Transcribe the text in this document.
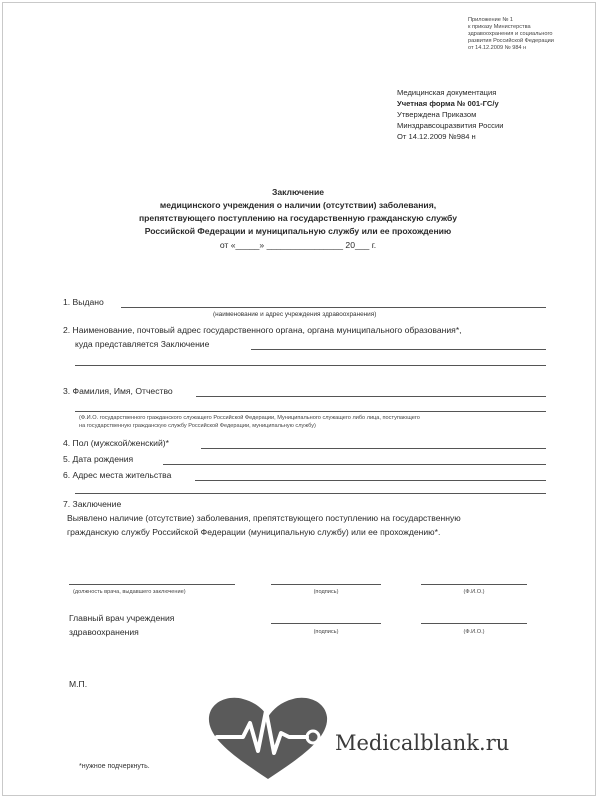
Приложение № 1
к приказу Министерства
здравоохранения и социального
развития Российской Федерации
от 14.12.2009 № 984 н
Медицинская документация
Учетная форма № 001-ГС/у
Утверждена Приказом
Минздравсоцразвития России
От 14.12.2009 №984 н
Заключение
медицинского учреждения о наличии (отсутствии) заболевания,
препятствующего поступлению на государственную гражданскую службу
Российской Федерации и муниципальную службу или ее прохождению
от «_____» ________________ 20___ г.
1. Выдано
(наименование и адрес учреждения здравоохранения)
2. Наименование, почтовый адрес государственного органа, органа муниципального образования*,
куда представляется Заключение
3. Фамилия, Имя, Отчество
(Ф.И.О. государственного гражданского служащего Российской Федерации, Муниципального служащего либо лица, поступающего
на государственную гражданскую службу Российской Федерации, муниципальную службу)
4. Пол (мужской/женский)*
5. Дата рождения
6. Адрес места жительства
7. Заключение
Выявлено наличие (отсутствие) заболевания, препятствующего поступлению на государственную
гражданскую службу Российской Федерации (муниципальную службу) или ее прохождению*.
(должность врача, выдавшего заключение)	(подпись)	(Ф.И.О.)
Главный врач учреждения
здравоохранения	(подпись)	(Ф.И.О.)
М.П.
Medicalblank.ru
*нужное подчеркнуть.
